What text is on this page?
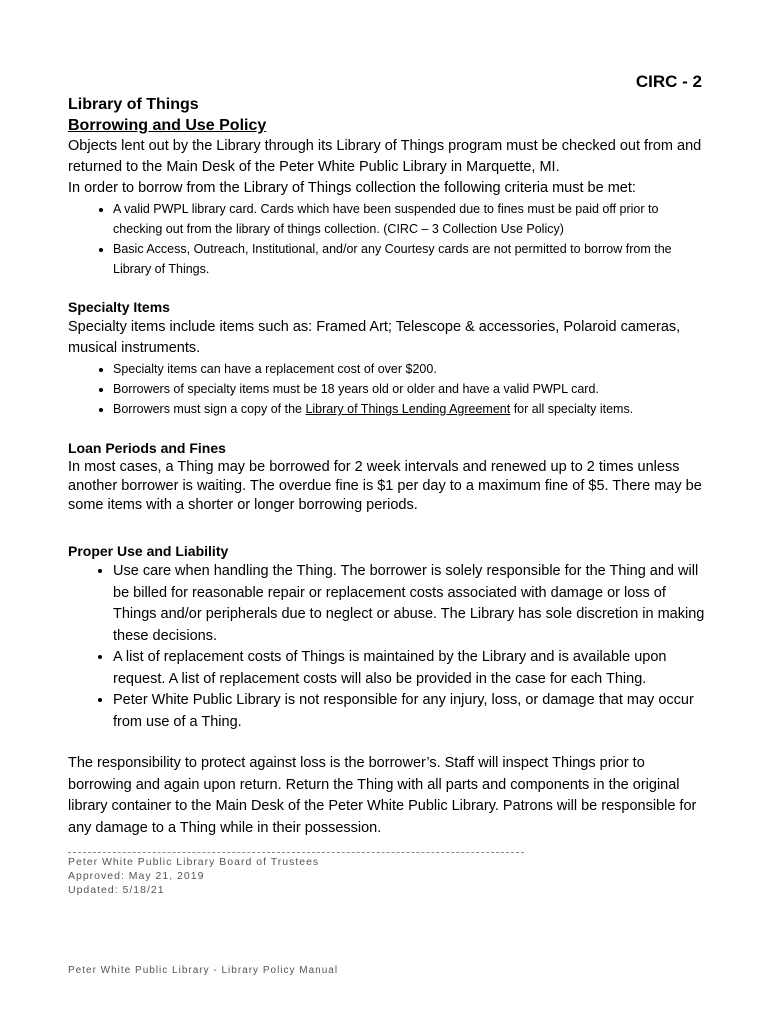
CIRC - 2
Library of Things
Borrowing and Use Policy

Objects lent out by the Library through its Library of Things program must be checked out from and returned to the Main Desk of the Peter White Public Library in Marquette, MI.

In order to borrow from the Library of Things collection the following criteria must be met:

• A valid PWPL library card. Cards which have been suspended due to fines must be paid off prior to checking out from the library of things collection. (CIRC – 3 Collection Use Policy)
• Basic Access, Outreach, Institutional, and/or any Courtesy cards are not permitted to borrow from the Library of Things.
Specialty Items

Specialty items include items such as: Framed Art; Telescope & accessories, Polaroid cameras, musical instruments.

• Specialty items can have a replacement cost of over $200.
• Borrowers of specialty items must be 18 years old or older and have a valid PWPL card.
• Borrowers must sign a copy of the Library of Things Lending Agreement for all specialty items.
Loan Periods and Fines

In most cases, a Thing may be borrowed for 2 week intervals and renewed up to 2 times unless another borrower is waiting. The overdue fine is $1 per day to a maximum fine of $5. There may be some items with a shorter or longer borrowing periods.

Proper Use and Liability
• Use care when handling the Thing. The borrower is solely responsible for the Thing and will be billed for reasonable repair or replacement costs associated with damage or loss of Things and/or peripherals due to neglect or abuse. The Library has sole discretion in making these decisions.
• A list of replacement costs of Things is maintained by the Library and is available upon request. A list of replacement costs will also be provided in the case for each Thing.
• Peter White Public Library is not responsible for any injury, loss, or damage that may occur from use of a Thing.

The responsibility to protect against loss is the borrower’s. Staff will inspect Things prior to borrowing and again upon return. Return the Thing with all parts and components in the original library container to the Main Desk of the Peter White Public Library. Patrons will be responsible for any damage to a Thing while in their possession.

Peter White Public Library Board of Trustees
Approved: May 21, 2019
Updated: 5/18/21
Peter White Public Library - Library Policy Manual
